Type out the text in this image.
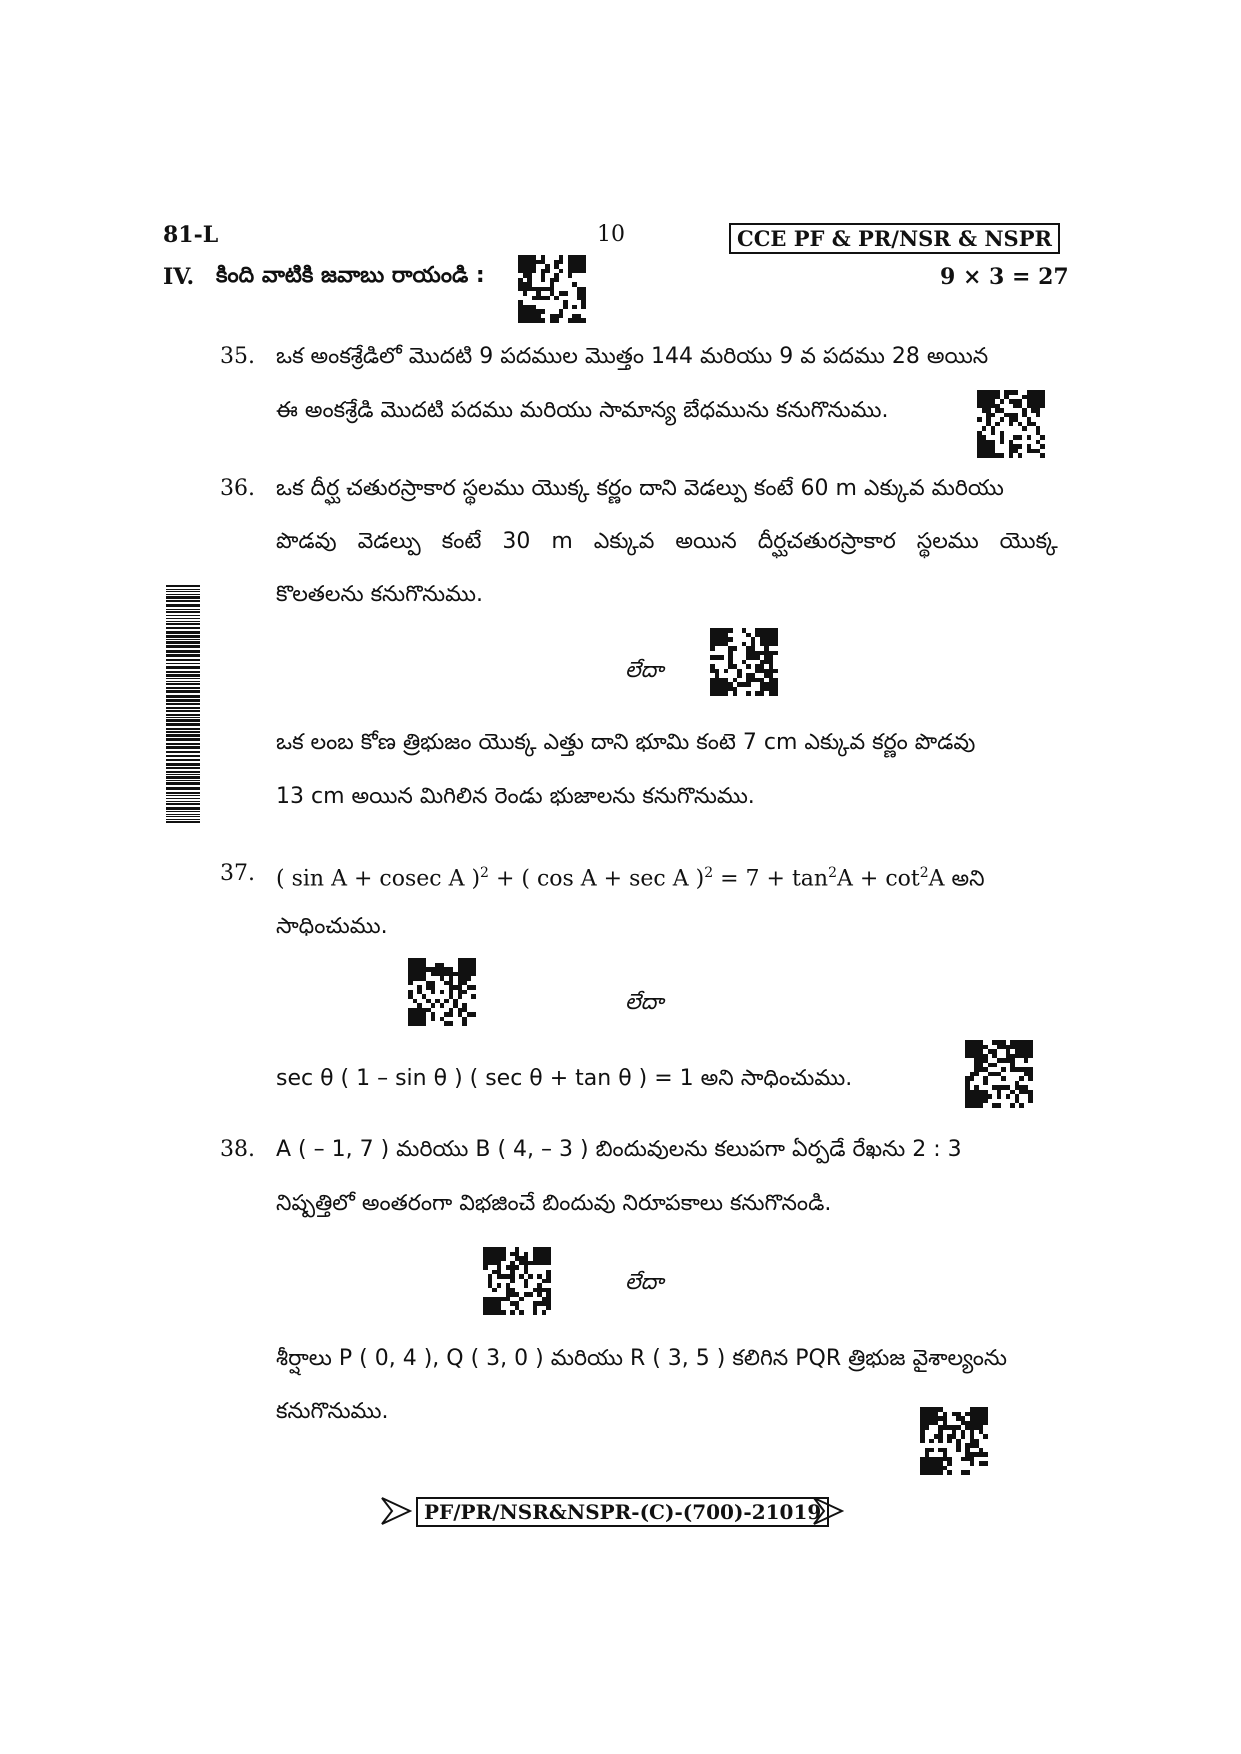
81-L	10	CCE PF & PR/NSR & NSPR
IV. కింది వాటికి జవాబు రాయండి :	9 × 3 = 27
35. ఒక అంకశ్రేడిలో మొదటి 9 పదముల మొత్తం 144 మరియు 9 వ పదము 28 అయిన
ఈ అంకశ్రేడి మొదటి పదము మరియు సామాన్య బేధమును కనుగొనుము.
36. ఒక దీర్ఘ చతురస్రాకార స్థలము యొక్క కర్ణం దాని వెడల్పు కంటే 60 m ఎక్కువ మరియు
పొడవు వెడల్పు కంటే 30 m ఎక్కువ అయిన దీర్ఘచతురస్రాకార స్థలము యొక్క
కొలతలను కనుగొనుము.
లేదా
ఒక లంబ కోణ త్రిభుజం యొక్క ఎత్తు దాని భూమి కంటె 7 cm ఎక్కువ కర్ణం పొడవు
13 cm అయిన మిగిలిన రెండు భుజాలను కనుగొనుము.
37. ( sin A + cosec A )$^2$ + ( cos A + sec A )$^2 = 7 + \tan^2A + \cot^2A$ అని
సాధించుము.
లేదా
sec θ ( 1 – sin θ ) ( sec θ + tan θ ) = 1 అని సాధించుము.
38. A ( – 1, 7 ) మరియు B ( 4, – 3 ) బిందువులను కలుపగా ఏర్పడే రేఖను 2 : 3
నిష్పత్తిలో అంతరంగా విభజించే బిందువు నిరూపకాలు కనుగొనండి.
లేదా
శీర్షాలు P ( 0, 4 ), Q ( 3, 0 ) మరియు R ( 3, 5 ) కలిగిన PQR త్రిభుజ వైశాల్యంను
కనుగొనుము.
PF/PR/NSR&NSPR-(C)-(700)-21019
